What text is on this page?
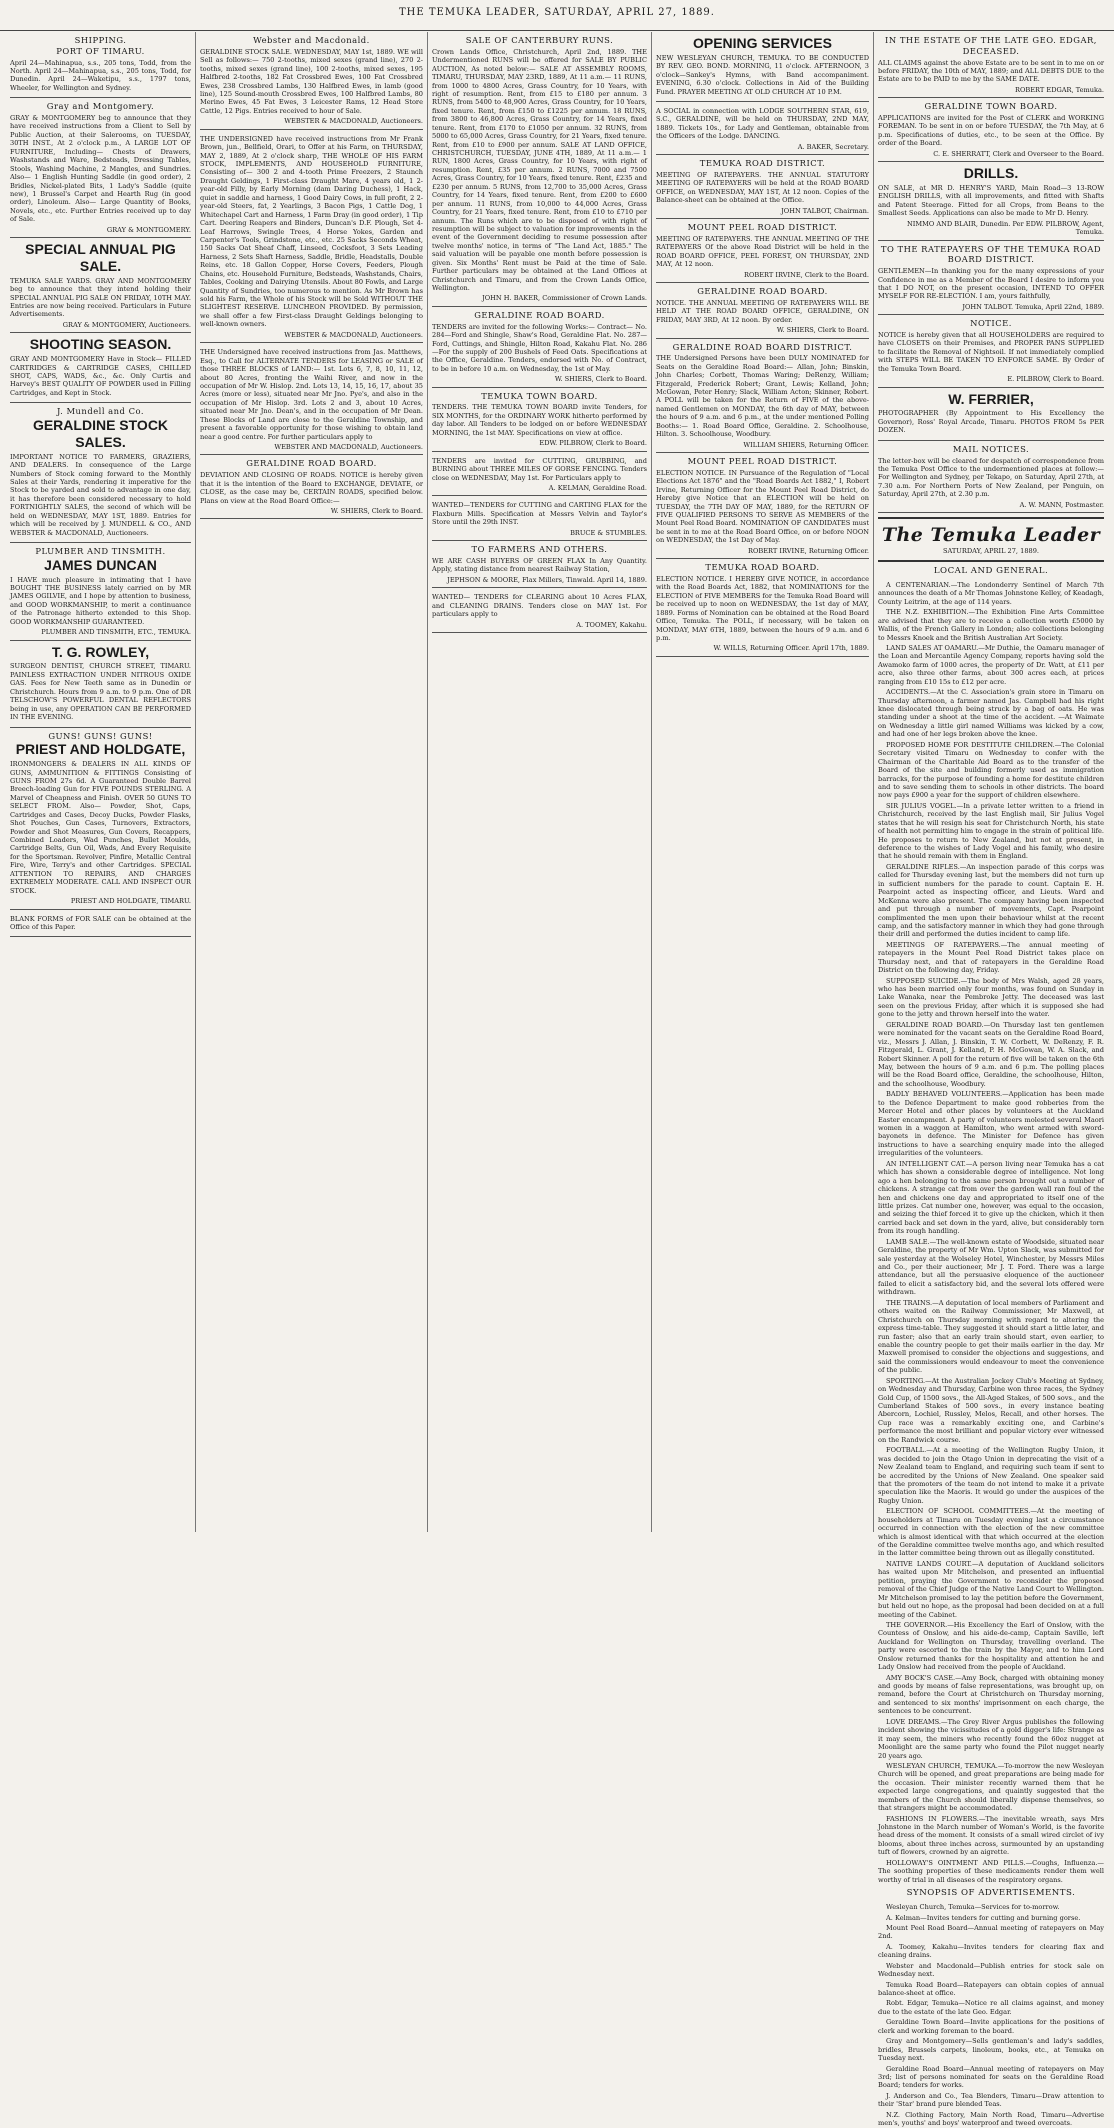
THE TEMUKA LEADER, SATURDAY, APRIL 27, 1889.
SHIPPING.
PORT OF TIMARU.

April 24—Mahinapua, s.s., 205 tons, Todd, from the North. April 24—Mahinapua, s.s., 205 tons, Todd, for Dunedin. April 24—Waketipu, s.s., 1797 tons, Wheeler, for Wellington and Sydney.

Gray and Montgomery.

GRAY & MONTGOMERY beg to announce that they have received instructions from a Client to Sell by Public Auction, at their Salerooms, on TUESDAY, 30TH INST., At 2 o'clock p.m., A LARGE LOT OF FURNITURE, Including— Chests of Drawers, Washstands and Ware, Bedsteads, Dressing Tables, Stools, Washing Machine, 2 Mangles, and Sundries. Also— 1 English Hunting Saddle (in good order), 2 Bridles, Nickel-plated Bits, 1 Lady's Saddle (quite new), 1 Brussel's Carpet and Hearth Rug (in good order), Linoleum. Also— Large Quantity of Books, Novels, etc., etc. Further Entries received up to day of Sale.

GRAY & MONTGOMERY.
SPECIAL ANNUAL PIG SALE.

TEMUKA SALE YARDS. GRAY AND MONTGOMERY beg to announce that they intend holding their SPECIAL ANNUAL PIG SALE ON FRIDAY, 10TH MAY. Entries are now being received. Particulars in Future Advertisements.

GRAY & MONTGOMERY, Auctioneers.
SHOOTING SEASON.

GRAY AND MONTGOMERY Have in Stock— FILLED CARTRIDGES & CARTRIDGE CASES, CHILLED SHOT, CAPS, WADS, &c., &c. Only Curtis and Harvey's BEST QUALITY OF POWDER used in Filling Cartridges, and Kept in Stock.

J. Mundell and Co.
GERALDINE STOCK SALES.

IMPORTANT NOTICE TO FARMERS, GRAZIERS, AND DEALERS. In consequence of the Large Numbers of Stock coming forward to the Monthly Sales at their Yards, rendering it imperative for the Stock to be yarded and sold to advantage in one day, it has therefore been considered necessary to hold FORTNIGHTLY SALES, the second of which will be held on WEDNESDAY, MAY 1ST, 1889. Entries for which will be received by J. MUNDELL & CO., AND WEBSTER & MACDONALD, Auctioneers.

PLUMBER AND TINSMITH.
JAMES DUNCAN

I HAVE much pleasure in intimating that I have BOUGHT THE BUSINESS lately carried on by MR JAMES OGILVIE, and I hope by attention to business, and GOOD WORKMANSHIP, to merit a continuance of the Patronage hitherto extended to this Shop. GOOD WORKMANSHIP GUARANTEED.

PLUMBER AND TINSMITH, ETC., TEMUKA.
T. G. ROWLEY,

SURGEON DENTIST, CHURCH STREET, TIMARU. PAINLESS EXTRACTION UNDER NITROUS OXIDE GAS. Fees for New Teeth same as in Dunedin or Christchurch. Hours from 9 a.m. to 9 p.m. One of DR TELSCHOW'S POWERFUL DENTAL REFLECTORS being in use, any OPERATION CAN BE PERFORMED IN THE EVENING.

GUNS! GUNS! GUNS!
PRIEST AND HOLDGATE,

IRONMONGERS & DEALERS IN ALL KINDS OF GUNS, AMMUNITION & FITTINGS Consisting of GUNS FROM 27s 6d. A Guaranteed Double Barrel Breech-loading Gun for FIVE POUNDS STERLING. A Marvel of Cheapness and Finish. OVER 50 GUNS TO SELECT FROM. Also— Powder, Shot, Caps, Cartridges and Cases, Decoy Ducks, Powder Flasks, Shot Pouches, Gun Cases, Turnovers, Extractors, Powder and Shot Measures, Gun Covers, Recappers, Combined Loaders, Wad Punches, Bullet Moulds, Cartridge Belts, Gun Oil, Wads, And Every Requisite for the Sportsman. Revolver, Pinfire, Metallic Central Fire, Wire, Terry's and other Cartridges. SPECIAL ATTENTION TO REPAIRS, AND CHARGES EXTREMELY MODERATE. CALL AND INSPECT OUR STOCK.

PRIEST AND HOLDGATE, TIMARU.

BLANK FORMS of FOR SALE can be obtained at the Office of this Paper.

Webster and Macdonald.

GERALDINE STOCK SALE. WEDNESDAY, MAY 1st, 1889. WE will Sell as follows:— 750 2-tooths, mixed sexes (grand line), 270 2-tooths, mixed sexes (grand line), 100 2-tooths, mixed sexes, 195 Halfbred 2-tooths, 182 Fat Crossbred Ewes, 100 Fat Crossbred Ewes, 238 Crossbred Lambs, 130 Halfbred Ewes, in lamb (good line), 125 Sound-mouth Crossbred Ewes, 100 Halfbred Lambs, 80 Merino Ewes, 45 Fat Ewes, 3 Leicester Rams, 12 Head Store Cattle, 12 Pigs. Entries received to hour of Sale.

WEBSTER & MACDONALD, Auctioneers.

THE UNDERSIGNED have received instructions from Mr Frank Brown, jun., Bellfield, Orari, to Offer at his Farm, on THURSDAY, MAY 2, 1889, At 2 o'clock sharp, THE WHOLE OF HIS FARM STOCK, IMPLEMENTS, AND HOUSEHOLD FURNITURE, Consisting of— 300 2 and 4-tooth Prime Freezers, 2 Staunch Draught Geldings, 1 First-class Draught Mare, 4 years old, 1 2-year-old Filly, by Early Morning (dam Daring Duchess), 1 Hack, quiet in saddle and harness, 1 Good Dairy Cows, in full profit, 2 2-year-old Steers, fat, 2 Yearlings, 3 Bacon Pigs, 1 Cattle Dog, 1 Whitechapel Cart and Harness, 1 Farm Dray (in good order), 1 Tip Cart. Deering Reapers and Binders, Duncan's D.F. Plough, Set 4-Leaf Harrows, Swingle Trees, 4 Horse Yokes, Garden and Carpenter's Tools, Grindstone, etc., etc. 25 Sacks Seconds Wheat, 150 Sacks Oat Sheaf Chaff, Linseed, Cocksfoot, 3 Sets Leading Harness, 2 Sets Shaft Harness, Saddle, Bridle, Headstalls, Double Reins, etc. 18 Gallon Copper, Horse Covers, Feeders, Plough Chains, etc. Household Furniture, Bedsteads, Washstands, Chairs, Tables, Cooking and Dairying Utensils. About 80 Fowls, and Large Quantity of Sundries, too numerous to mention. As Mr Brown has sold his Farm, the Whole of his Stock will be Sold WITHOUT THE SLIGHTEST RESERVE. LUNCHEON PROVIDED. By permission, we shall offer a few First-class Draught Geldings belonging to well-known owners.

WEBSTER & MACDONALD, Auctioneers.

THE Undersigned have received instructions from Jas. Matthews, Esq., to Call for ALTERNATE TENDERS for LEASING or SALE of those THREE BLOCKS of LAND:— 1st. Lots 6, 7, 8, 10, 11, 12, about 80 Acres, fronting the Waihi River, and now in the occupation of Mr W. Hislop. 2nd. Lots 13, 14, 15, 16, 17, about 35 Acres (more or less), situated near Mr Jno. Pye's, and also in the occupation of Mr Hislop. 3rd. Lots 2 and 3, about 10 Acres, situated near Mr Jno. Dean's, and in the occupation of Mr Dean. These Blocks of Land are close to the Geraldine Township, and present a favorable opportunity for those wishing to obtain land near a good centre. For further particulars apply to

WEBSTER AND MACDONALD, Auctioneers.
GERALDINE ROAD BOARD.

DEVIATION AND CLOSING OF ROADS. NOTICE is hereby given that it is the intention of the Board to EXCHANGE, DEVIATE, or CLOSE, as the case may be, CERTAIN ROADS, specified below. Plans on view at the Road Board Office:—

W. SHIERS, Clerk to Board.
SALE OF CANTERBURY RUNS.

Crown Lands Office, Christchurch, April 2nd, 1889. THE Undermentioned RUNS will be offered for SALE BY PUBLIC AUCTION, As noted below:— SALE AT ASSEMBLY ROOMS, TIMARU, THURSDAY, MAY 23RD, 1889, At 11 a.m.— 11 RUNS, from 1000 to 4800 Acres, Grass Country, for 10 Years, with right of resumption. Rent, from £15 to £180 per annum. 3 RUNS, from 5400 to 48,900 Acres, Grass Country, for 10 Years, fixed tenure. Rent, from £150 to £1225 per annum. 18 RUNS, from 3800 to 46,800 Acres, Grass Country, for 14 Years, fixed tenure. Rent, from £170 to £1050 per annum. 32 RUNS, from 5000 to 65,000 Acres, Grass Country, for 21 Years, fixed tenure. Rent, from £10 to £900 per annum. SALE AT LAND OFFICE, CHRISTCHURCH, TUESDAY, JUNE 4TH, 1889, At 11 a.m.— 1 RUN, 1800 Acres, Grass Country, for 10 Years, with right of resumption. Rent, £35 per annum. 2 RUNS, 7000 and 7500 Acres, Grass Country, for 10 Years, fixed tenure. Rent, £235 and £230 per annum. 5 RUNS, from 12,700 to 35,000 Acres, Grass Country, for 14 Years, fixed tenure. Rent, from £200 to £600 per annum. 11 RUNS, from 10,000 to 44,000 Acres, Grass Country, for 21 Years, fixed tenure. Rent, from £10 to £710 per annum. The Runs which are to be disposed of with right of resumption will be subject to valuation for improvements in the event of the Government deciding to resume possession after twelve months' notice, in terms of "The Land Act, 1885." The said valuation will be payable one month before possession is given. Six Months' Rent must be Paid at the time of Sale. Further particulars may be obtained at the Land Offices at Christchurch and Timaru, and from the Crown Lands Office, Wellington.

JOHN H. BAKER, Commissioner of Crown Lands.
GERALDINE ROAD BOARD.

TENDERS are invited for the following Works:— Contract— No. 284—Ford and Shingle, Shaw's Road, Geraldine Flat. No. 287—Ford, Cuttings, and Shingle, Hilton Road, Kakahu Flat. No. 286—For the supply of 200 Bushels of Feed Oats. Specifications at the Office, Geraldine. Tenders, endorsed with No. of Contract, to be in before 10 a.m. on Wednesday, the 1st of May.

W. SHIERS, Clerk to Board.
TEMUKA TOWN BOARD.

TENDERS. THE TEMUKA TOWN BOARD invite Tenders, for SIX MONTHS, for the ORDINARY WORK hitherto performed by day labor. All Tenders to be lodged on or before WEDNESDAY MORNING, the 1st MAY. Specifications on view at office.

EDW. PILBROW, Clerk to Board.

TENDERS are invited for CUTTING, GRUBBING, and BURNING about THREE MILES OF GORSE FENCING. Tenders close on WEDNESDAY, May 1st. For Particulars apply to

A. KELMAN, Geraldine Road.

WANTED—TENDERS for CUTTING and CARTING FLAX for the Flaxburn Mills. Specification at Messrs Velvin and Taylor's Store until the 29th INST.

BRUCE & STUMBLES.
TO FARMERS AND OTHERS.

WE ARE CASH BUYERS OF GREEN FLAX In Any Quantity. Apply, stating distance from nearest Railway Station,

JEPHSON & MOORE, Flax Millers, Tinwald. April 14, 1889.

WANTED— TENDERS for CLEARING about 10 Acres FLAX, and CLEANING DRAINS. Tenders close on MAY 1st. For particulars apply to

A. TOOMEY, Kakahu.
OPENING SERVICES

NEW WESLEYAN CHURCH, TEMUKA. TO BE CONDUCTED BY REV. GEO. BOND. MORNING, 11 o'clock. AFTERNOON, 3 o'clock—Sankey's Hymns, with Band accompaniment. EVENING, 6.30 o'clock. Collections in Aid of the Building Fund. PRAYER MEETING AT OLD CHURCH AT 10 P.M.

A SOCIAL in connection with LODGE SOUTHERN STAR, 619, S.C., GERALDINE, will be held on THURSDAY, 2ND MAY, 1889. Tickets 10s., for Lady and Gentleman, obtainable from the Officers of the Lodge. DANCING.

A. BAKER, Secretary.
TEMUKA ROAD DISTRICT.

MEETING OF RATEPAYERS. THE ANNUAL STATUTORY MEETING OF RATEPAYERS will be held at the ROAD BOARD OFFICE, on WEDNESDAY, MAY 1ST, At 12 noon. Copies of the Balance-sheet can be obtained at the Office.

JOHN TALBOT, Chairman.
MOUNT PEEL ROAD DISTRICT.

MEETING OF RATEPAYERS. THE ANNUAL MEETING OF THE RATEPAYERS Of the above Road District will be held in the ROAD BOARD OFFICE, PEEL FOREST, ON THURSDAY, 2ND MAY, At 12 noon.

ROBERT IRVINE, Clerk to the Board.
GERALDINE ROAD BOARD.

NOTICE. THE ANNUAL MEETING OF RATEPAYERS WILL BE HELD AT THE ROAD BOARD OFFICE, GERALDINE, ON FRIDAY, MAY 3RD, At 12 noon. By order.

W. SHIERS, Clerk to Board.
GERALDINE ROAD BOARD DISTRICT.

THE Undersigned Persons have been DULY NOMINATED for Seats on the Geraldine Road Board:— Allan, John; Binskin, John Charles; Corbett, Thomas Waring; DeRenzy, William; Fitzgerald, Frederick Robert; Grant, Lewis; Kelland, John; McGowan, Peter Henry; Slack, William Acton; Skinner, Robert. A POLL will be taken for the Return of FIVE of the above-named Gentlemen on MONDAY, the 6th day of MAY, between the hours of 9 a.m. and 6 p.m., at the under mentioned Polling Booths:— 1. Road Board Office, Geraldine. 2. Schoolhouse, Hilton. 3. Schoolhouse, Woodbury.

WILLIAM SHIERS, Returning Officer.
MOUNT PEEL ROAD DISTRICT.

ELECTION NOTICE. IN Pursuance of the Regulation of "Local Elections Act 1876" and the "Road Boards Act 1882," I, Robert Irvine, Returning Officer for the Mount Peel Road District, do Hereby give Notice that an ELECTION will be held on TUESDAY, the 7TH DAY OF MAY, 1889, for the RETURN OF FIVE QUALIFIED PERSONS TO SERVE AS MEMBERS of the Mount Peel Road Board. NOMINATION OF CANDIDATES must be sent in to me at the Road Board Office, on or before NOON on WEDNESDAY, the 1st Day of May.

ROBERT IRVINE, Returning Officer.
TEMUKA ROAD BOARD.

ELECTION NOTICE. I HEREBY GIVE NOTICE, in accordance with the Road Boards Act, 1882, that NOMINATIONS for the ELECTION of FIVE MEMBERS for the Temuka Road Board will be received up to noon on WEDNESDAY, the 1st day of MAY, 1889. Forms of Nomination can be obtained at the Road Board Office, Temuka. The POLL, if necessary, will be taken on MONDAY, MAY 6TH, 1889, between the hours of 9 a.m. and 6 p.m.

W. WILLS, Returning Officer. April 17th, 1889.
IN THE ESTATE OF THE LATE GEO. EDGAR, DECEASED.

ALL CLAIMS against the above Estate are to be sent in to me on or before FRIDAY, the 10th of MAY, 1889; and ALL DEBTS DUE to the Estate are to be PAID to me by the SAME DATE.

ROBERT EDGAR, Temuka.
GERALDINE TOWN BOARD.

APPLICATIONS are invited for the Post of CLERK and WORKING FOREMAN. To be sent in on or before TUESDAY, the 7th May, at 6 p.m. Specifications of duties, etc., to be seen at the Office. By order of the Board.

C. E. SHERRATT, Clerk and Overseer to the Board.
DRILLS.

ON SALE, at MR D. HENRY'S YARD, Main Road—3 13-ROW ENGLISH DRILLS, with all improvements, and fitted with Shafts and Patent Steerage. Fitted for all Crops, from Beans to the Smallest Seeds. Applications can also be made to Mr D. Henry.

NIMMO AND BLAIR, Dunedin. Per EDW. PILBROW, Agent, Temuka.
TO THE RATEPAYERS OF THE TEMUKA ROAD BOARD DISTRICT.

GENTLEMEN—In thanking you for the many expressions of your Confidence in me as a Member of the Board I desire to inform you that I DO NOT, on the present occasion, INTEND TO OFFER MYSELF FOR RE-ELECTION. I am, yours faithfully,

JOHN TALBOT. Temuka, April 22nd, 1889.
NOTICE.

NOTICE is hereby given that all HOUSEHOLDERS are required to have CLOSETS on their Premises, and PROPER PANS SUPPLIED to facilitate the Removal of Nightsoil. If not immediately complied with STEPS WILL BE TAKEN TO ENFORCE SAME. By Order of the Temuka Town Board.

E. PILBROW, Clerk to Board.
W. FERRIER,

PHOTOGRAPHER (By Appointment to His Excellency the Governor), Ross' Royal Arcade, Timaru. PHOTOS FROM 5s PER DOZEN.

MAIL NOTICES.

The letter-box will be cleared for despatch of correspondence from the Temuka Post Office to the undermentioned places at follow:— For Wellington and Sydney, per Tekapo, on Saturday, April 27th, at 7.30 a.m. For Northern Ports of New Zealand, per Penguin, on Saturday, April 27th, at 2.30 p.m.

A. W. MANN, Postmaster.
The Temuka Leader
SATURDAY, APRIL 27, 1889.
LOCAL AND GENERAL.

A CENTENARIAN.—The Londonderry Sentinel of March 7th announces the death of a Mr Thomas Johnstone Kelley, of Keadagh, County Leitrim, at the age of 114 years.

THE N.Z. EXHIBITION.—The Exhibition Fine Arts Committee are advised that they are to receive a collection worth £5000 by Wallis, of the French Gallery in London; also collections belonging to Messrs Knoek and the British Australian Art Society.

LAND SALES AT OAMARU.—Mr Duthie, the Oamaru manager of the Loan and Mercantile Agency Company, reports having sold the Awamoko farm of 1000 acres, the property of Dr. Watt, at £11 per acre, also three other farms, about 300 acres each, at prices ranging from £10 15s to £12 per acre.

ACCIDENTS.—At the C. Association's grain store in Timaru on Thursday afternoon, a farmer named Jas. Campbell had his right knee dislocated through being struck by a bag of oats. He was standing under a shoot at the time of the accident. —At Waimate on Wednesday a little girl named Williams was kicked by a cow, and had one of her legs broken above the knee.

PROPOSED HOME FOR DESTITUTE CHILDREN.—The Colonial Secretary visited Timaru on Wednesday to confer with the Chairman of the Charitable Aid Board as to the transfer of the Board of the site and building formerly used as immigration barracks, for the purpose of founding a home for destitute children and to save sending them to schools in other districts. The board now pays £900 a year for the support of children elsewhere.

SIR JULIUS VOGEL.—In a private letter written to a friend in Christchurch, received by the last English mail, Sir Julius Vogel states that he will resign his seat for Christchurch North, his state of health not permitting him to engage in the strain of political life. He proposes to return to New Zealand, but not at present, in deference to the wishes of Lady Vogel and his family, who desire that he should remain with them in England.

GERALDINE RIFLES.—An inspection parade of this corps was called for Thursday evening last, but the members did not turn up in sufficient numbers for the parade to count. Captain E. H. Pearpoint acted as inspecting officer, and Lieuts. Ward and McKenna were also present. The company having been inspected and put through a number of movements, Capt. Pearpoint complimented the men upon their behaviour whilst at the recent camp, and the satisfactory manner in which they had gone through their drill and performed the duties incident to camp life.

MEETINGS OF RATEPAYERS.—The annual meeting of ratepayers in the Mount Peel Road District takes place on Thursday next, and that of ratepayers in the Geraldine Road District on the following day, Friday.

SUPPOSED SUICIDE.—The body of Mrs Walsh, aged 28 years, who has been married only four months, was found on Sunday in Lake Wanaka, near the Pembroke Jetty. The deceased was last seen on the previous Friday, after which it is supposed she had gone to the jetty and thrown herself into the water.

GERALDINE ROAD BOARD.—On Thursday last ten gentlemen were nominated for the vacant seats on the Geraldine Road Board, viz., Messrs J. Allan, J. Binskin, T. W. Corbett, W. DeRenzy, F. R. Fitzgerald, L. Grant, J. Kelland, P. H. McGowan, W. A. Slack, and Robert Skinner. A poll for the return of five will be taken on the 6th May, between the hours of 9 a.m. and 6 p.m. The polling places will be the Road Board office, Geraldine, the schoolhouse, Hilton, and the schoolhouse, Woodbury.

BADLY BEHAVED VOLUNTEERS.—Application has been made to the Defence Department to make good robberies from the Mercer Hotel and other places by volunteers at the Auckland Easter encampment. A party of volunteers molested several Maori women in a waggon at Hamilton, who went armed with sword-bayonets in defence. The Minister for Defence has given instructions to have a searching enquiry made into the alleged irregularities of the volunteers.

AN INTELLIGENT CAT.—A person living near Temuka has a cat which has shown a considerable degree of intelligence. Not long ago a hen belonging to the same person brought out a number of chickens. A strange cat from over the garden wall ran foul of the hen and chickens one day and appropriated to itself one of the little prizes. Cat number one, however, was equal to the occasion, and seizing the thief forced it to give up the chicken, which it then carried back and set down in the yard, alive, but considerably torn from its rough handling.

LAMB SALE.—The well-known estate of Woodside, situated near Geraldine, the property of Mr Wm. Upton Slack, was submitted for sale yesterday at the Wolseley Hotel, Winchester, by Messrs Miles and Co., per their auctioneer, Mr J. T. Ford. There was a large attendance, but all the persuasive eloquence of the auctioneer failed to elicit a satisfactory bid, and the several lots offered were withdrawn.

THE TRAINS.—A deputation of local members of Parliament and others waited on the Railway Commissioner, Mr Maxwell, at Christchurch on Thursday morning with regard to altering the express time-table. They suggested it should start a little later, and run faster; also that an early train should start, even earlier, to enable the country people to get their mails earlier in the day. Mr Maxwell promised to consider the objections and suggestions, and said the commissioners would endeavour to meet the convenience of the public.

SPORTING.—At the Australian Jockey Club's Meeting at Sydney, on Wednesday and Thursday, Carbine won three races, the Sydney Gold Cup, of 1500 sovs., the All-Aged Stakes, of 500 sovs., and the Cumberland Stakes of 500 sovs., in every instance beating Abercorn, Lochiel, Russley, Melos, Recall, and other horses. The Cup race was a remarkably exciting one, and Carbine's performance the most brilliant and popular victory ever witnessed on the Randwick course.

FOOTBALL.—At a meeting of the Wellington Rugby Union, it was decided to join the Otago Union in deprecating the visit of a New Zealand team to England, and requiring such team if sent to be accredited by the Unions of New Zealand. One speaker said that the promoters of the team do not intend to make it a private speculation like the Maoris. It would go under the auspices of the Rugby Union.

ELECTION OF SCHOOL COMMITTEES.—At the meeting of householders at Timaru on Tuesday evening last a circumstance occurred in connection with the election of the new committee which is almost identical with that which occurred at the election of the Geraldine committee twelve months ago, and which resulted in the latter committee being thrown out as illegally constituted.

NATIVE LANDS COURT.—A deputation of Auckland solicitors has waited upon Mr Mitchelson, and presented an influential petition, praying the Government to reconsider the proposed removal of the Chief Judge of the Native Land Court to Wellington. Mr Mitchelson promised to lay the petition before the Government, but held out no hope, as the proposal had been decided on at a full meeting of the Cabinet.

THE GOVERNOR.—His Excellency the Earl of Onslow, with the Countess of Onslow, and his aide-de-camp, Captain Saville, left Auckland for Wellington on Thursday, travelling overland. The party were escorted to the train by the Mayor, and to him Lord Onslow returned thanks for the hospitality and attention he and Lady Onslow had received from the people of Auckland.

AMY BOCK'S CASE.—Amy Bock, charged with obtaining money and goods by means of false representations, was brought up, on remand, before the Court at Christchurch on Thursday morning, and sentenced to six months' imprisonment on each charge, the sentences to be concurrent.

LOVE DREAMS.—The Grey River Argus publishes the following incident showing the vicissitudes of a gold digger's life: Strange as it may seem, the miners who recently found the 60oz nugget at Moonlight are the same party who found the Pilot nugget nearly 20 years ago.

WESLEYAN CHURCH, TEMUKA.—To-morrow the new Wesleyan Church will be opened, and great preparations are being made for the occasion. Their minister recently warned them that he expected large congregations, and quaintly suggested that the members of the Church should liberally dispense themselves, so that strangers might be accommodated.

FASHIONS IN FLOWERS.—The inevitable wreath, says Mrs Johnstone in the March number of Woman's World, is the favorite head dress of the moment. It consists of a small wired circlet of ivy blooms, about three inches across, surmounted by an upstanding tuft of flowers, crowned by an aigrette.

HOLLOWAY'S OINTMENT AND PILLS.—Coughs, Influenza.—The soothing properties of these medicaments render them well worthy of trial in all diseases of the respiratory organs.

SYNOPSIS OF ADVERTISEMENTS.

Wesleyan Church, Temuka—Services for to-morrow.

A. Kelman—Invites tenders for cutting and burning gorse.

Mount Peel Road Board—Annual meeting of ratepayers on May 2nd.

A. Toomey, Kakahu—Invites tenders for clearing flax and cleaning drains.

Webster and Macdonald—Publish entries for stock sale on Wednesday next.

Temuka Road Board—Ratepayers can obtain copies of annual balance-sheet at office.

Robt. Edgar, Temuka—Notice re all claims against, and money due to the estate of the late Geo. Edgar.

Geraldine Town Board—Invite applications for the positions of clerk and working foreman to the board.

Gray and Montgomery—Sells gentleman's and lady's saddles, bridles, Brussels carpets, linoleum, books, etc., at Temuka on Tuesday next.

Geraldine Road Board—Annual meeting of ratepayers on May 3rd; list of persons nominated for seats on the Geraldine Road Board; tenders for works.

J. Anderson and Co., Tea Blenders, Timaru—Draw attention to their 'Star' brand pure blended Teas.

N.Z. Clothing Factory, Main North Road, Timaru—Advertise men's, youths' and boys' waterproof and tweed overcoats.
